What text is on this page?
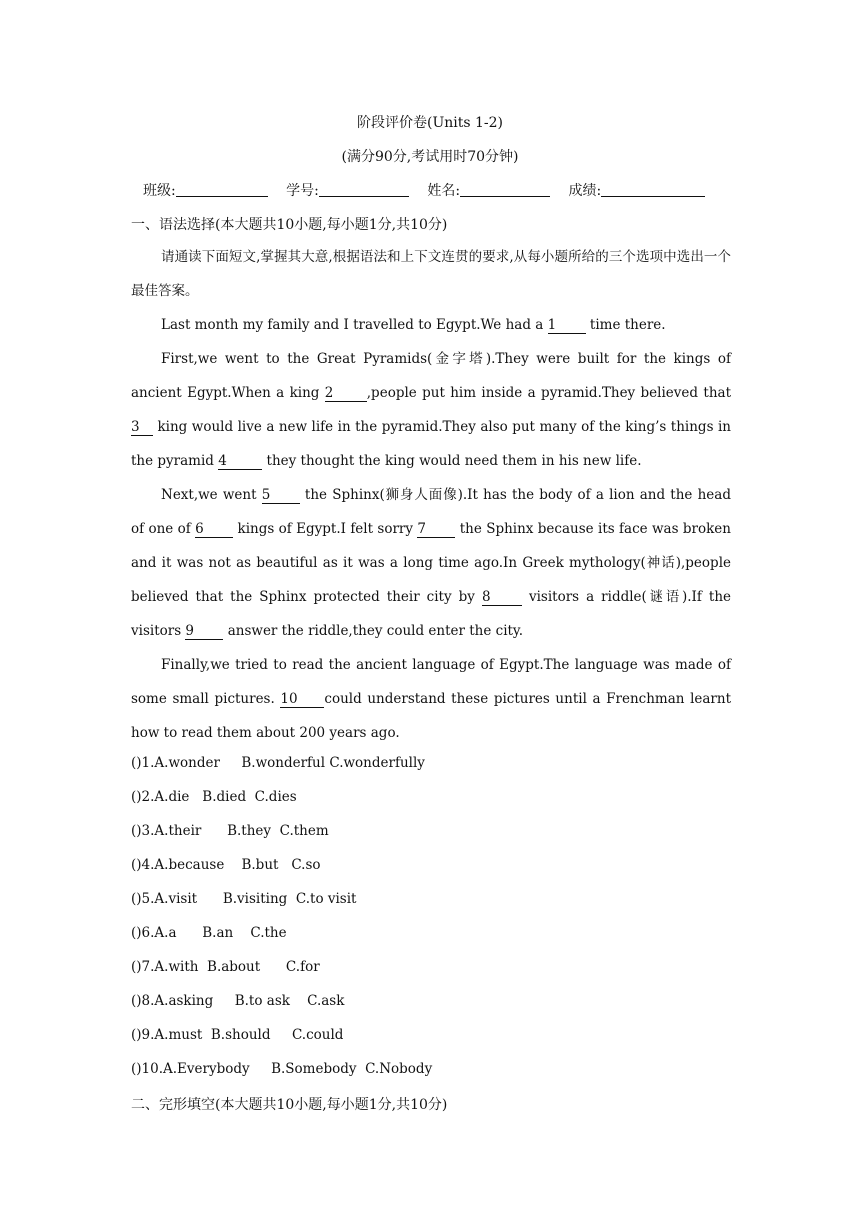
阶段评价卷(Units 1-2)
(满分90分,考试用时70分钟)
班级:	学号:	姓名:	成绩:
一、语法选择(本大题共10小题,每小题1分,共10分)

请通读下面短文,掌握其大意,根据语法和上下文连贯的要求,从每小题所给的三个选项中选出一个最佳答案。

Last month my family and I travelled to Egypt.We had a 1 time there.

First,we went to the Great Pyramids(金字塔).They were built for the kings of ancient Egypt.When a king 2 ,people put him inside a pyramid.They believed that 3 king would live a new life in the pyramid.They also put many of the king’s things in the pyramid 4	they thought the king would need them in his new life.

Next,we went 5 the Sphinx(狮身人面像).It has the body of a lion and the head of one of 6 kings of Egypt.I felt sorry 7 the Sphinx because its face was broken and it was not as beautiful as it was a long time ago.In Greek mythology(神话),people believed that the Sphinx protected their city by 8 visitors a riddle(谜语).If the visitors 9 answer the riddle,they could enter the city.

Finally,we tried to read the ancient language of Egypt.The language was made of some small pictures. 10 could understand these pictures until a Frenchman learnt how to read them about 200 years ago.

()1.A.wonder     B.wonderful C.wonderfully
()2.A.die   B.died  C.dies
()3.A.their      B.they  C.them
()4.A.because    B.but   C.so
()5.A.visit      B.visiting  C.to visit
()6.A.a      B.an    C.the
()7.A.with  B.about      C.for
()8.A.asking     B.to ask    C.ask
()9.A.must  B.should     C.could
()10.A.Everybody     B.Somebody  C.Nobody
二、完形填空(本大题共10小题,每小题1分,共10分)
